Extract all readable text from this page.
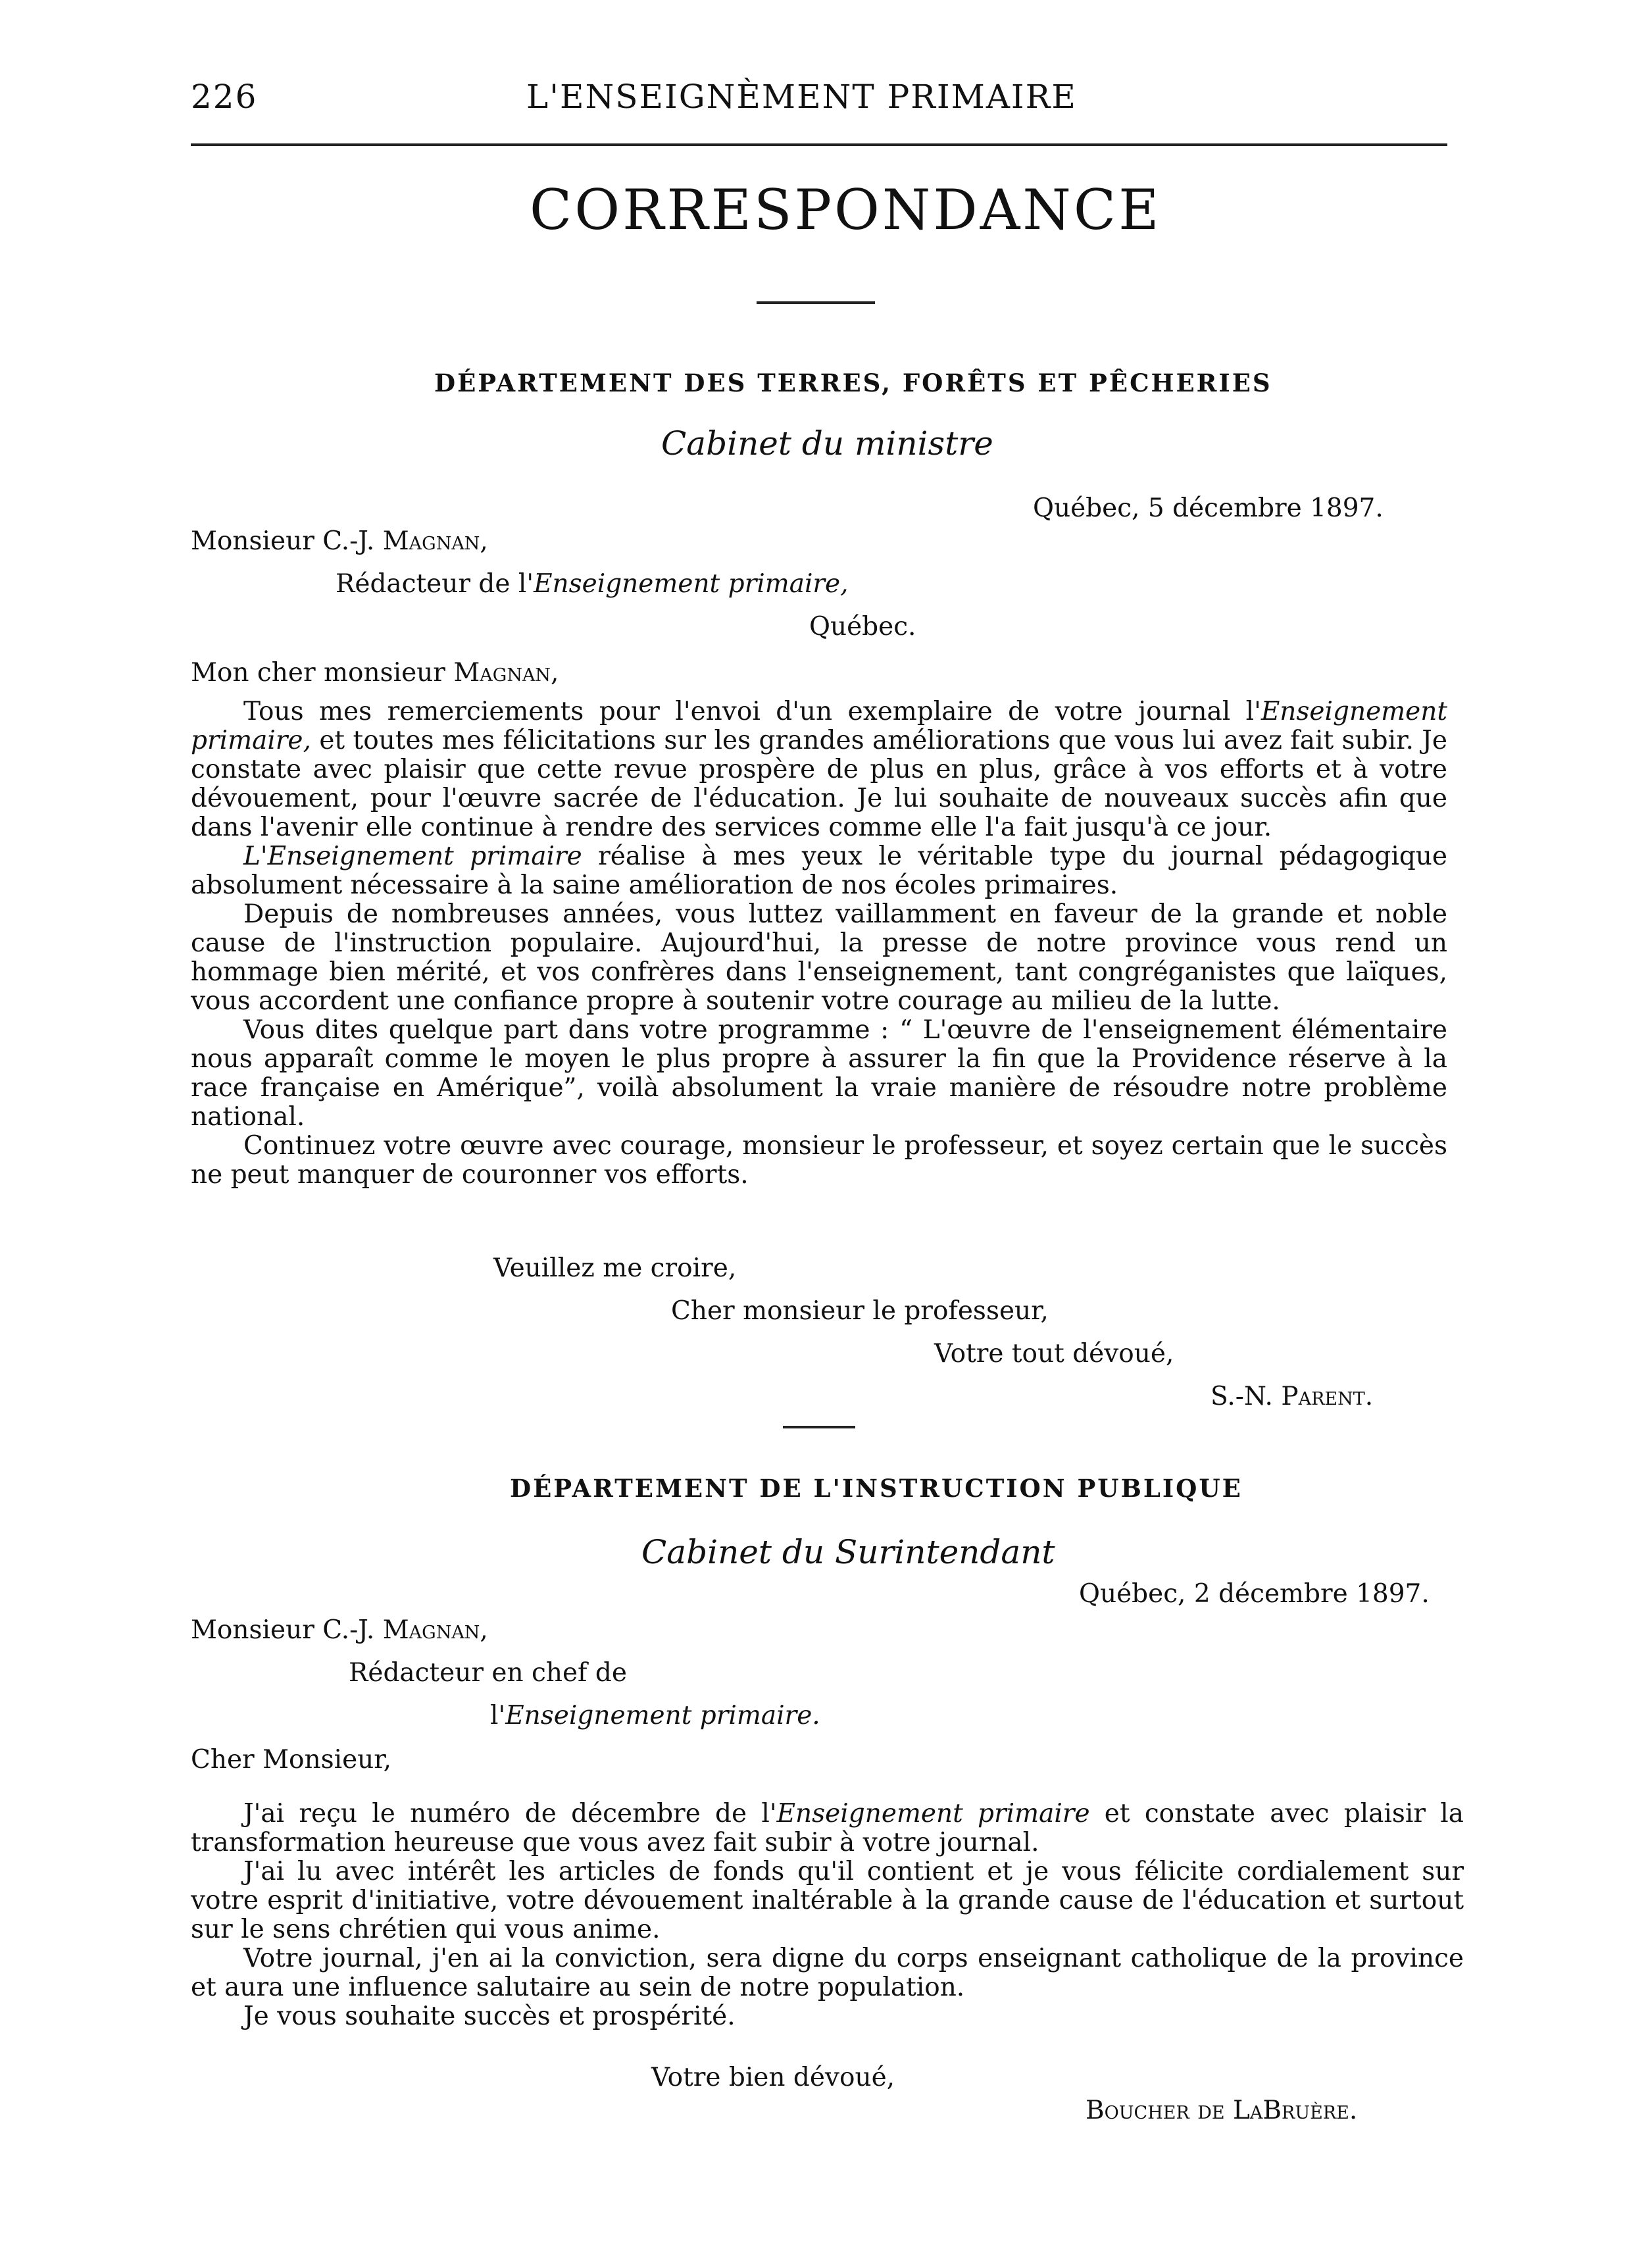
226	L'ENSEIGNÈMENT PRIMAIRE
CORRESPONDANCE
DÉPARTEMENT DES TERRES, FORÊTS ET PÊCHERIES
Cabinet du ministre
Québec, 5 décembre 1897.
Monsieur C.-J. Magnan,
Rédacteur de l'Enseignement primaire,
Québec.
Mon cher monsieur Magnan,

Tous mes remerciements pour l'envoi d'un exemplaire de votre journal l'Enseignement primaire, et toutes mes félicitations sur les grandes améliorations que vous lui avez fait subir. Je constate avec plaisir que cette revue prospère de plus en plus, grâce à vos efforts et à votre dévouement, pour l'œuvre sacrée de l'éducation. Je lui souhaite de nouveaux succès afin que dans l'avenir elle continue à rendre des services comme elle l'a fait jusqu'à ce jour.

L'Enseignement primaire réalise à mes yeux le véritable type du journal pédagogique absolument nécessaire à la saine amélioration de nos écoles primaires.

Depuis de nombreuses années, vous luttez vaillamment en faveur de la grande et noble cause de l'instruction populaire. Aujourd'hui, la presse de notre province vous rend un hommage bien mérité, et vos confrères dans l'enseignement, tant congréganistes que laïques, vous accordent une confiance propre à soutenir votre courage au milieu de la lutte.

Vous dites quelque part dans votre programme : “ L'œuvre de l'enseignement élémentaire nous apparaît comme le moyen le plus propre à assurer la fin que la Providence réserve à la race française en Amérique”, voilà absolument la vraie manière de résoudre notre problème national.

Continuez votre œuvre avec courage, monsieur le professeur, et soyez certain que le succès ne peut manquer de couronner vos efforts.

Veuillez me croire,
Cher monsieur le professeur,
Votre tout dévoué,
S.-N. Parent.
DÉPARTEMENT DE L'INSTRUCTION PUBLIQUE
Cabinet du Surintendant
Québec, 2 décembre 1897.
Monsieur C.-J. Magnan,
Rédacteur en chef de
l'Enseignement primaire.
Cher Monsieur,

J'ai reçu le numéro de décembre de l'Enseignement primaire et constate avec plaisir la transformation heureuse que vous avez fait subir à votre journal.

J'ai lu avec intérêt les articles de fonds qu'il contient et je vous félicite cordialement sur votre esprit d'initiative, votre dévouement inaltérable à la grande cause de l'éducation et surtout sur le sens chrétien qui vous anime.

Votre journal, j'en ai la conviction, sera digne du corps enseignant catholique de la province et aura une influence salutaire au sein de notre population.

Je vous souhaite succès et prospérité.

Votre bien dévoué,
Boucher de LaBruère.
